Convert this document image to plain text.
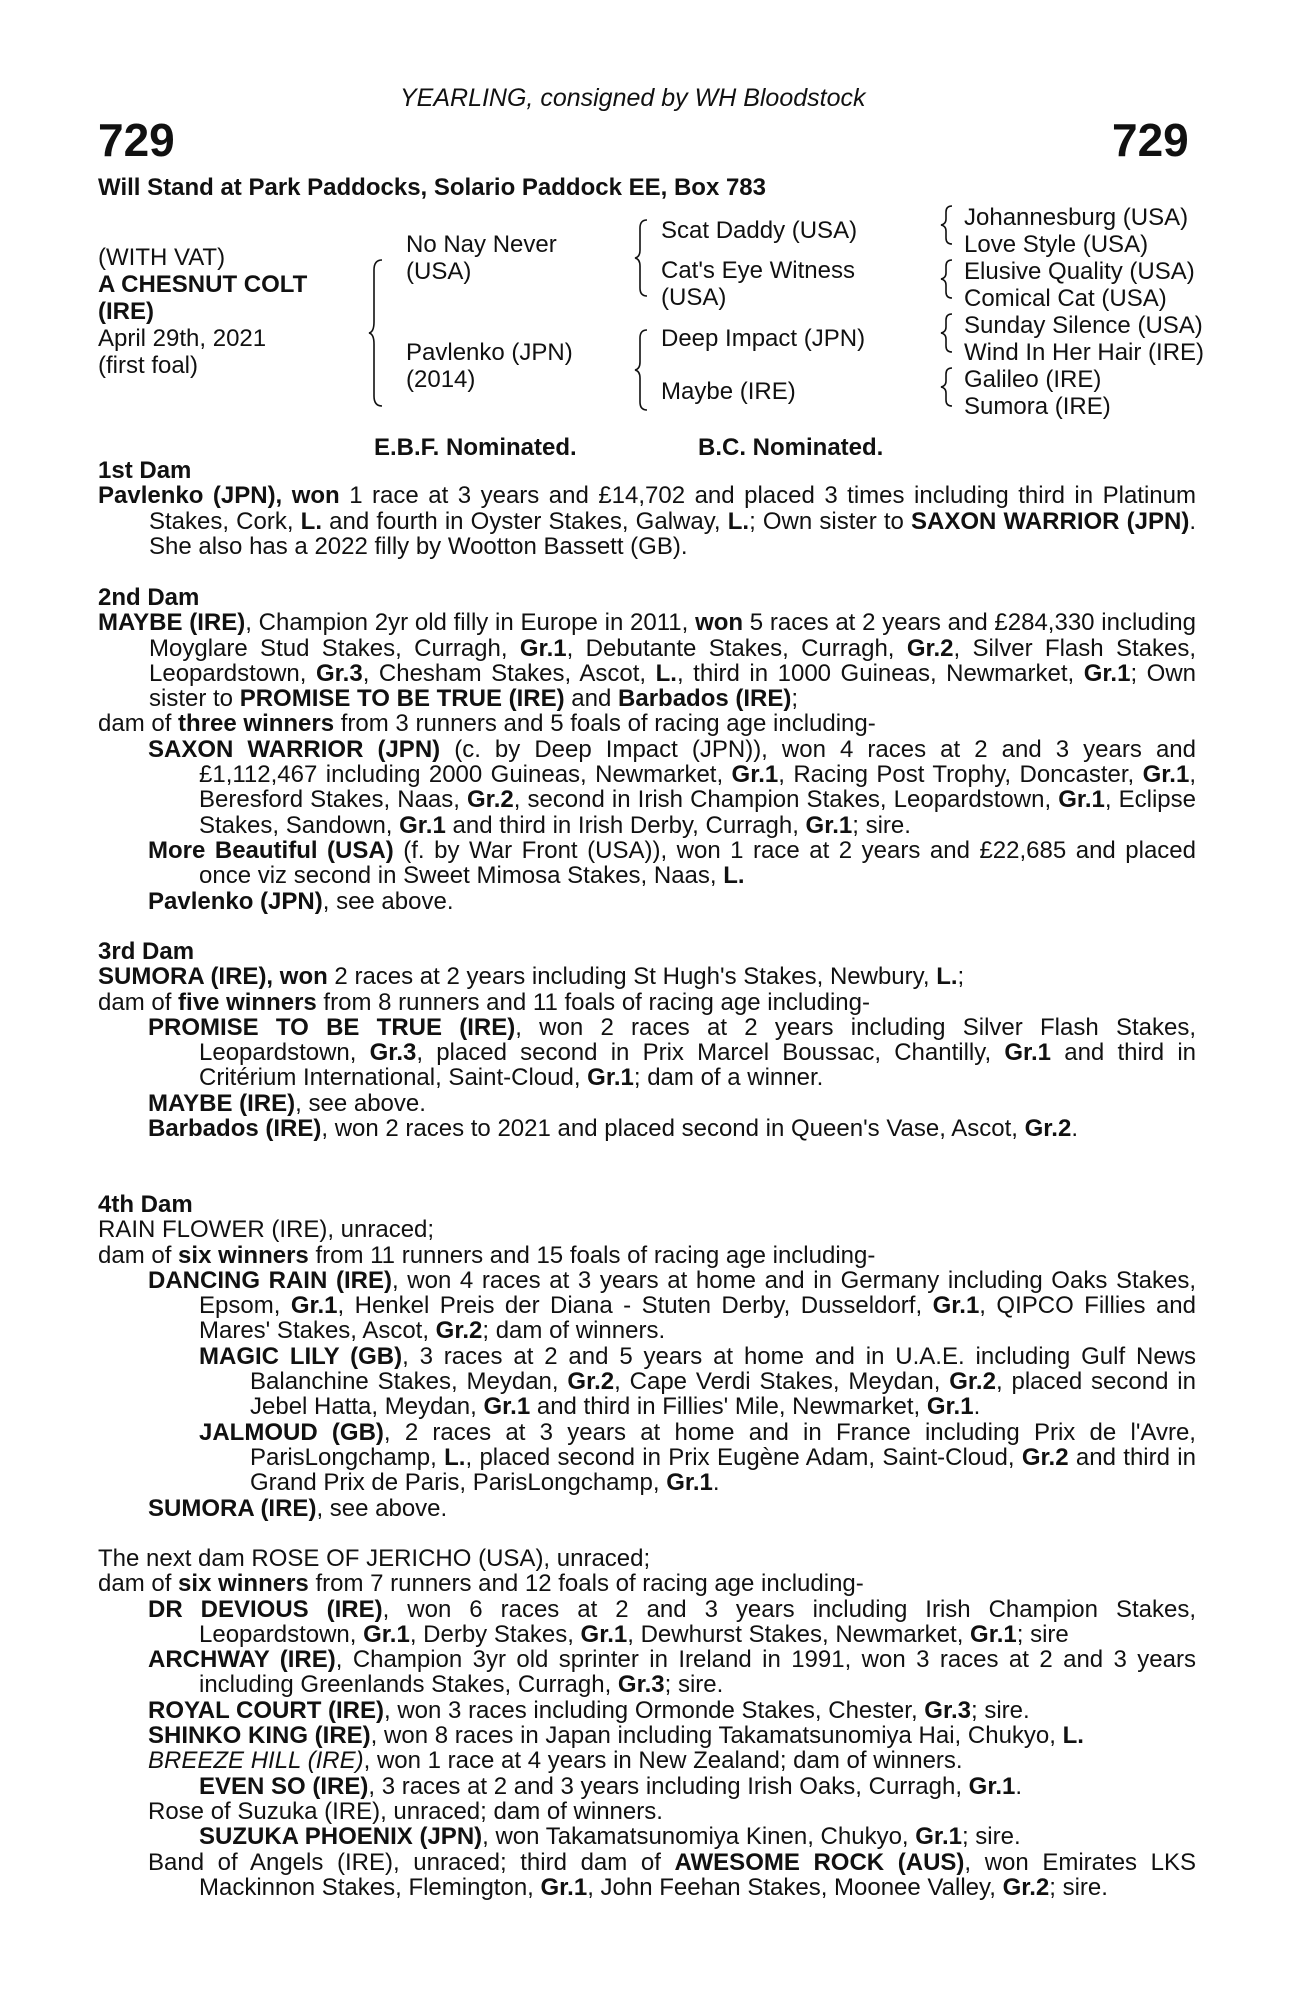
YEARLING, consigned by WH Bloodstock
729	729
Will Stand at Park Paddocks, Solario Paddock EE, Box 783
(WITH VAT)
A CHESNUT COLT
(IRE)
April 29th, 2021
(first foal)
No Nay Never
(USA)
Pavlenko (JPN)
(2014)
Scat Daddy (USA)
Cat's Eye Witness
(USA)
Deep Impact (JPN)
Maybe (IRE)
Johannesburg (USA)
Love Style (USA)
Elusive Quality (USA)
Comical Cat (USA)
Sunday Silence (USA)
Wind In Her Hair (IRE)
Galileo (IRE)
Sumora (IRE)
E.B.F. Nominated.	B.C. Nominated.

1st Dam

Pavlenko (JPN), won 1 race at 3 years and £14,702 and placed 3 times including third in Platinum Stakes, Cork, L. and fourth in Oyster Stakes, Galway, L.; Own sister to SAXON WARRIOR (JPN). She also has a 2022 filly by Wootton Bassett (GB).

2nd Dam

MAYBE (IRE), Champion 2yr old filly in Europe in 2011, won 5 races at 2 years and £284,330 including Moyglare Stud Stakes, Curragh, Gr.1, Debutante Stakes, Curragh, Gr.2, Silver Flash Stakes, Leopardstown, Gr.3, Chesham Stakes, Ascot, L., third in 1000 Guineas, Newmarket, Gr.1; Own sister to PROMISE TO BE TRUE (IRE) and Barbados (IRE);

dam of three winners from 3 runners and 5 foals of racing age including-

SAXON WARRIOR (JPN) (c. by Deep Impact (JPN)), won 4 races at 2 and 3 years and £1,112,467 including 2000 Guineas, Newmarket, Gr.1, Racing Post Trophy, Doncaster, Gr.1, Beresford Stakes, Naas, Gr.2, second in Irish Champion Stakes, Leopardstown, Gr.1, Eclipse Stakes, Sandown, Gr.1 and third in Irish Derby, Curragh, Gr.1; sire.

More Beautiful (USA) (f. by War Front (USA)), won 1 race at 2 years and £22,685 and placed once viz second in Sweet Mimosa Stakes, Naas, L.

Pavlenko (JPN), see above.

3rd Dam

SUMORA (IRE), won 2 races at 2 years including St Hugh's Stakes, Newbury, L.;

dam of five winners from 8 runners and 11 foals of racing age including-

PROMISE TO BE TRUE (IRE), won 2 races at 2 years including Silver Flash Stakes, Leopardstown, Gr.3, placed second in Prix Marcel Boussac, Chantilly, Gr.1 and third in Critérium International, Saint-Cloud, Gr.1; dam of a winner.

MAYBE (IRE), see above.

Barbados (IRE), won 2 races to 2021 and placed second in Queen's Vase, Ascot, Gr.2.

4th Dam

RAIN FLOWER (IRE), unraced;

dam of six winners from 11 runners and 15 foals of racing age including-

DANCING RAIN (IRE), won 4 races at 3 years at home and in Germany including Oaks Stakes, Epsom, Gr.1, Henkel Preis der Diana - Stuten Derby, Dusseldorf, Gr.1, QIPCO Fillies and Mares' Stakes, Ascot, Gr.2; dam of winners.

MAGIC LILY (GB), 3 races at 2 and 5 years at home and in U.A.E. including Gulf News Balanchine Stakes, Meydan, Gr.2, Cape Verdi Stakes, Meydan, Gr.2, placed second in Jebel Hatta, Meydan, Gr.1 and third in Fillies' Mile, Newmarket, Gr.1.

JALMOUD (GB), 2 races at 3 years at home and in France including Prix de l'Avre, ParisLongchamp, L., placed second in Prix Eugène Adam, Saint-Cloud, Gr.2 and third in Grand Prix de Paris, ParisLongchamp, Gr.1.

SUMORA (IRE), see above.

The next dam ROSE OF JERICHO (USA), unraced;

dam of six winners from 7 runners and 12 foals of racing age including-

DR DEVIOUS (IRE), won 6 races at 2 and 3 years including Irish Champion Stakes, Leopardstown, Gr.1, Derby Stakes, Gr.1, Dewhurst Stakes, Newmarket, Gr.1; sire

ARCHWAY (IRE), Champion 3yr old sprinter in Ireland in 1991, won 3 races at 2 and 3 years including Greenlands Stakes, Curragh, Gr.3; sire.

ROYAL COURT (IRE), won 3 races including Ormonde Stakes, Chester, Gr.3; sire.

SHINKO KING (IRE), won 8 races in Japan including Takamatsunomiya Hai, Chukyo, L.

BREEZE HILL (IRE), won 1 race at 4 years in New Zealand; dam of winners.

EVEN SO (IRE), 3 races at 2 and 3 years including Irish Oaks, Curragh, Gr.1.

Rose of Suzuka (IRE), unraced; dam of winners.

SUZUKA PHOENIX (JPN), won Takamatsunomiya Kinen, Chukyo, Gr.1; sire.

Band of Angels (IRE), unraced; third dam of AWESOME ROCK (AUS), won Emirates LKS Mackinnon Stakes, Flemington, Gr.1, John Feehan Stakes, Moonee Valley, Gr.2; sire.
